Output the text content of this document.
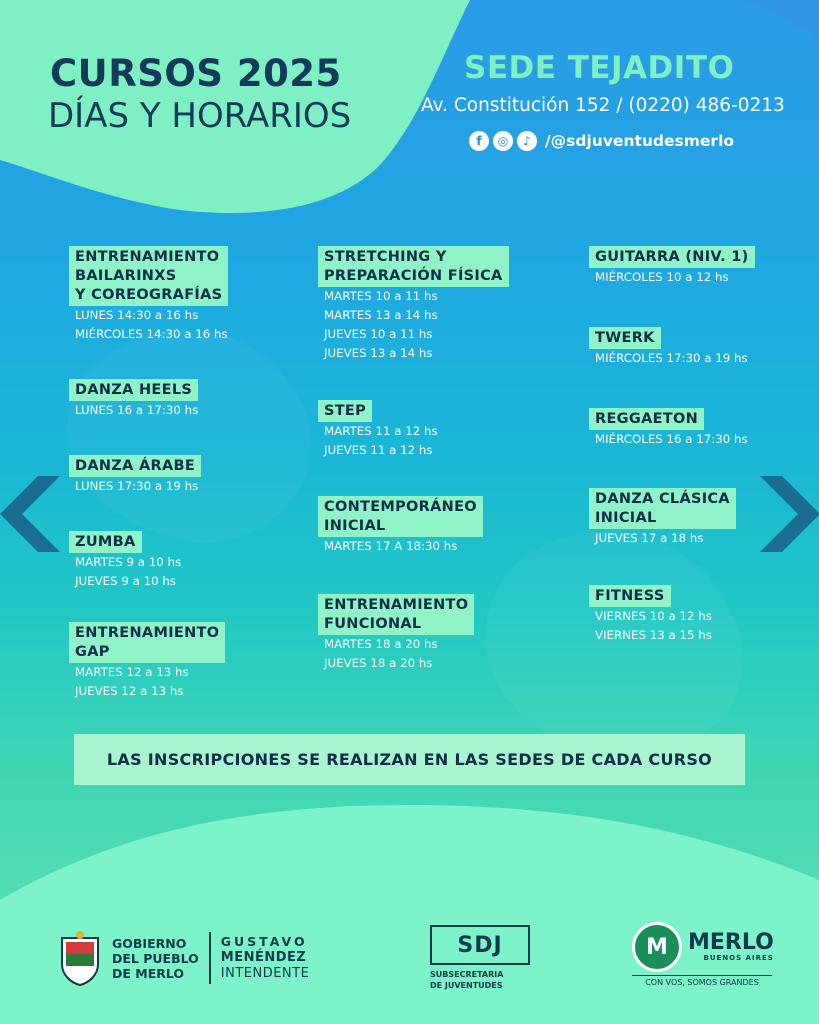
CURSOS 2025
DÍAS Y HORARIOS
SEDE TEJADITO
Av. Constitución 152 / (0220) 486-0213
f	◎	♪ /@sdjuventudesmerlo
ENTRENAMIENTO
BAILARINXS
Y COREOGRAFÍAS
LUNES 14:30 a 16 hs
MIÉRCOLES 14:30 a 16 hs
DANZA HEELS
LUNES 16 a 17:30 hs
DANZA ÁRABE
LUNES 17:30 a 19 hs
ZUMBA
MARTES 9 a 10 hs
JUEVES 9 a 10 hs
ENTRENAMIENTO
GAP
MARTES 12 a 13 hs
JUEVES 12 a 13 hs
STRETCHING Y
PREPARACIÓN FÍSICA
MARTES 10 a 11 hs
MARTES 13 a 14 hs
JUEVES 10 a 11 hs
JUEVES 13 a 14 hs
STEP
MARTES 11 a 12 hs
JUEVES 11 a 12 hs
CONTEMPORÁNEO
INICIAL
MARTES 17 A 18:30 hs
ENTRENAMIENTO
FUNCIONAL
MARTES 18 a 20 hs
JUEVES 18 a 20 hs
GUITARRA (NIV. 1)
MIÉRCOLES 10 a 12 hs
TWERK
MIÉRCOLES 17:30 a 19 hs
REGGAETON
MIÉRCOLES 16 a 17:30 hs
DANZA CLÁSICA
INICIAL
JUEVES 17 a 18 hs
FITNESS
VIERNES 10 a 12 hs
VIERNES 13 a 15 hs
LAS INSCRIPCIONES SE REALIZAN EN LAS SEDES DE CADA CURSO
GOBIERNO
DEL PUEBLO
DE MERLO
GUSTAVO
MENÉNDEZ
INTENDENTE
SDJ
SUBSECRETARIA
DE JUVENTUDES
M MERLO
BUENOS AIRES
CON VOS, SOMOS GRANDES
